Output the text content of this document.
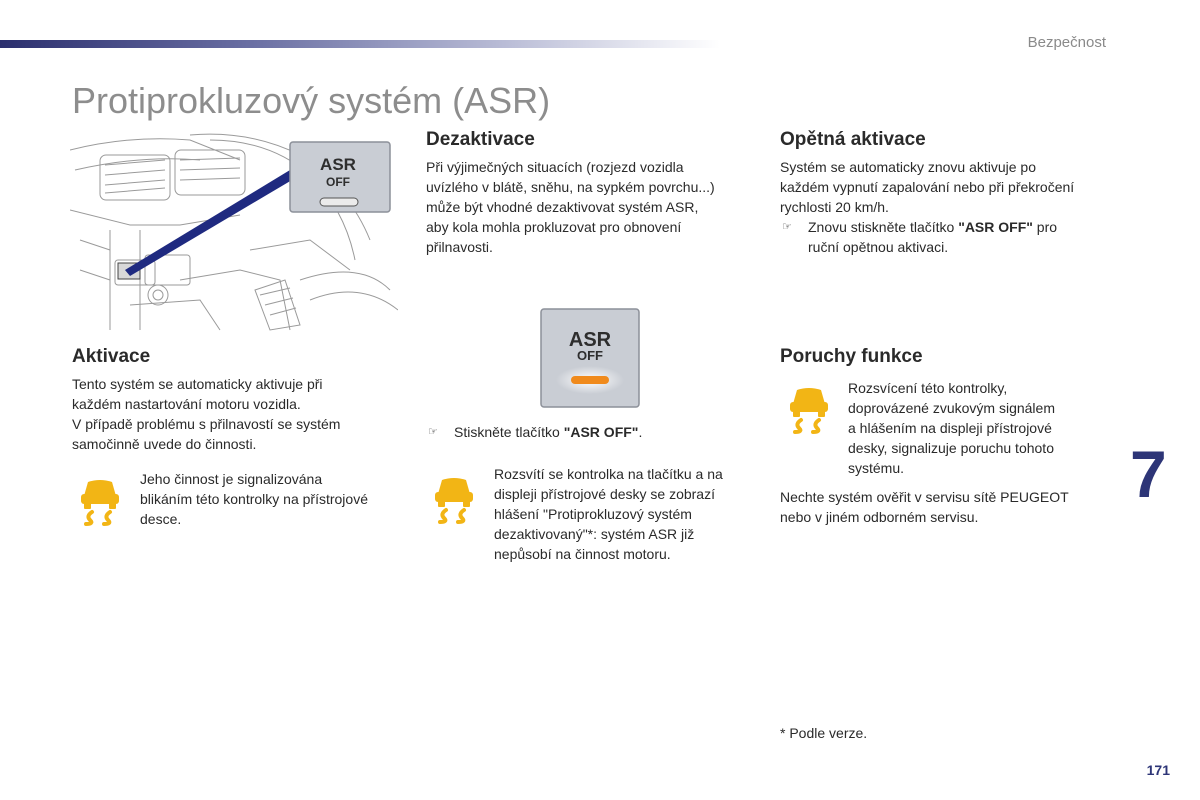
Bezpečnost
Protiprokluzový systém (ASR)
ASR
OFF
Aktivace
Tento systém se automaticky aktivuje při
každém nastartování motoru vozidla.
V případě problému s přilnavostí se systém
samočinně uvede do činnosti.
Jeho činnost je signalizována
blikáním této kontrolky na přístrojové
desce.
Dezaktivace
Při výjimečných situacích (rozjezd vozidla
uvízlého v blátě, sněhu, na sypkém povrchu...)
může být vhodné dezaktivovat systém ASR,
aby kola mohla prokluzovat pro obnovení
přilnavosti.
ASR
OFF
☞ Stiskněte tlačítko "ASR OFF".
Rozsvítí se kontrolka na tlačítku a na
displeji přístrojové desky se zobrazí
hlášení "Protiprokluzový systém
dezaktivovaný"*: systém ASR již
nepůsobí na činnost motoru.
Opětná aktivace
Systém se automaticky znovu aktivuje po
každém vypnutí zapalování nebo při překročení
rychlosti 20 km/h.
☞ Znovu stiskněte tlačítko "ASR OFF" pro
ruční opětnou aktivaci.
Poruchy funkce
Rozsvícení této kontrolky,
doprovázené zvukovým signálem
a hlášením na displeji přístrojové
desky, signalizuje poruchu tohoto
systému.
Nechte systém ověřit v servisu sítě PEUGEOT
nebo v jiném odborném servisu.
* Podle verze.
7
171
